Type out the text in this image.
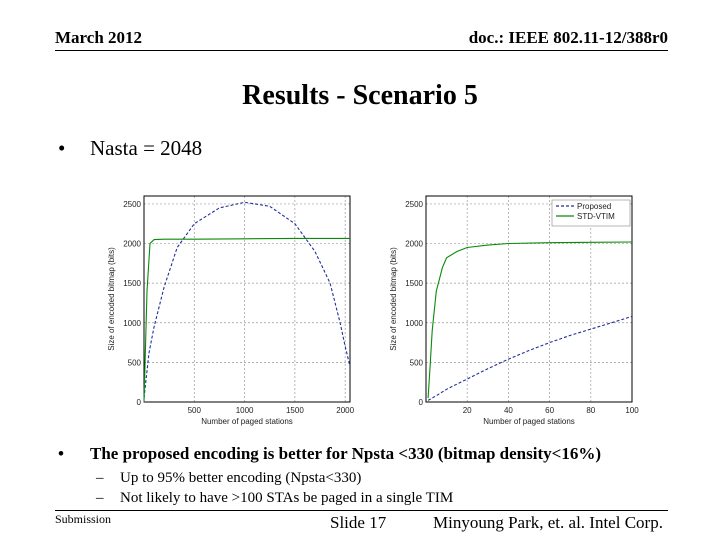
March 2012	doc.: IEEE 802.11-12/388r0
Results - Scenario 5
• Nasta = 2048
0
500
1000
1500
2000
2500
500	1000	1500	2000
Number of paged stations
Size of encoded bitmap (bits)
0
500
1000
1500
2000
2500
20	40	60	80	100
Number of paged stations
Size of encoded bitmap (bits)
Proposed
STD-VTIM
• The proposed encoding is better for Npsta <330 (bitmap density<16%)
– Up to 95% better encoding (Npsta<330)
– Not likely to have >100 STAs be paged in a single TIM
Submission	Slide 17	Minyoung Park, et. al. Intel Corp.
